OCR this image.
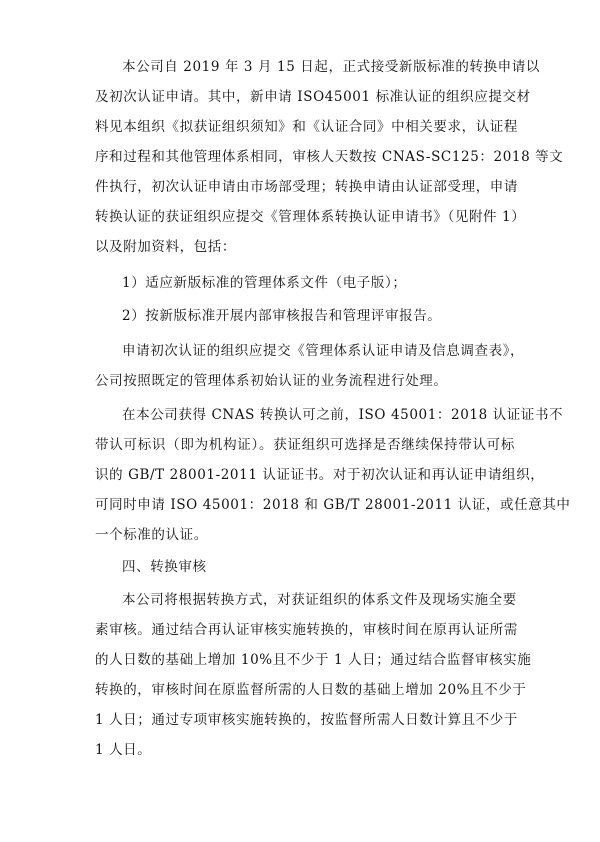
本公司自 2019 年 3 月 15 日起，正式接受新版标准的转换申请以
及初次认证申请。其中，新申请 ISO45001 标准认证的组织应提交材
料见本组织《拟获证组织须知》和《认证合同》中相关要求，认证程
序和过程和其他管理体系相同，审核人天数按 CNAS-SC125：2018 等文
件执行，初次认证申请由市场部受理；转换申请由认证部受理，申请
转换认证的获证组织应提交《管理体系转换认证申请书》（见附件 1）
以及附加资料，包括：
1）适应新版标准的管理体系文件（电子版）；
2）按新版标准开展内部审核报告和管理评审报告。
申请初次认证的组织应提交《管理体系认证申请及信息调查表》，
公司按照既定的管理体系初始认证的业务流程进行处理。
在本公司获得 CNAS 转换认可之前，ISO 45001：2018 认证证书不
带认可标识（即为机构证）。获证组织可选择是否继续保持带认可标
识的 GB/T 28001-2011 认证证书。对于初次认证和再认证申请组织，
可同时申请 ISO 45001：2018 和 GB/T 28001-2011 认证，或任意其中
一个标准的认证。
四、转换审核
本公司将根据转换方式，对获证组织的体系文件及现场实施全要
素审核。通过结合再认证审核实施转换的，审核时间在原再认证所需
的人日数的基础上增加 10%且不少于 1 人日；通过结合监督审核实施
转换的，审核时间在原监督所需的人日数的基础上增加 20%且不少于
1 人日；通过专项审核实施转换的，按监督所需人日数计算且不少于
1 人日。
